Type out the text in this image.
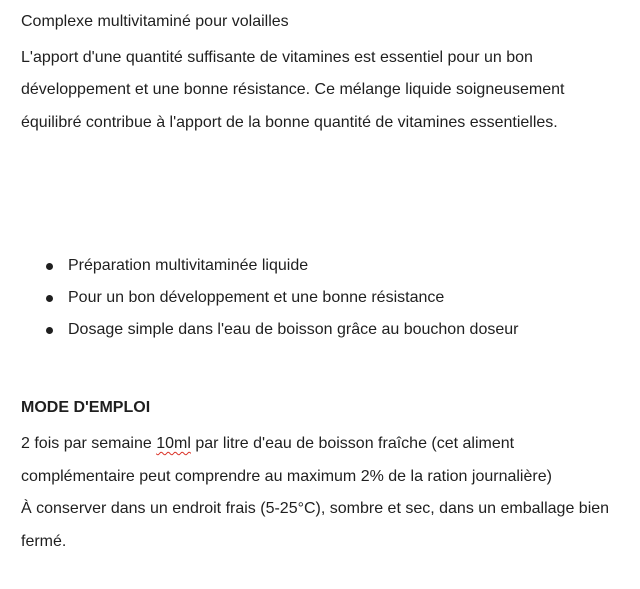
Complexe multivitaminé pour volailles

L'apport d'une quantité suffisante de vitamines est essentiel pour un bon développement et une bonne résistance. Ce mélange liquide soigneusement équilibré contribue à l'apport de la bonne quantité de vitamines essentielles.

Préparation multivitaminée liquide
Pour un bon développement et une bonne résistance
Dosage simple dans l'eau de boisson grâce au bouchon doseur

MODE D'EMPLOI

2 fois par semaine 10ml par litre d'eau de boisson fraîche (cet aliment complémentaire peut comprendre au maximum 2% de la ration journalière)
À conserver dans un endroit frais (5-25°C), sombre et sec, dans un emballage bien fermé.
